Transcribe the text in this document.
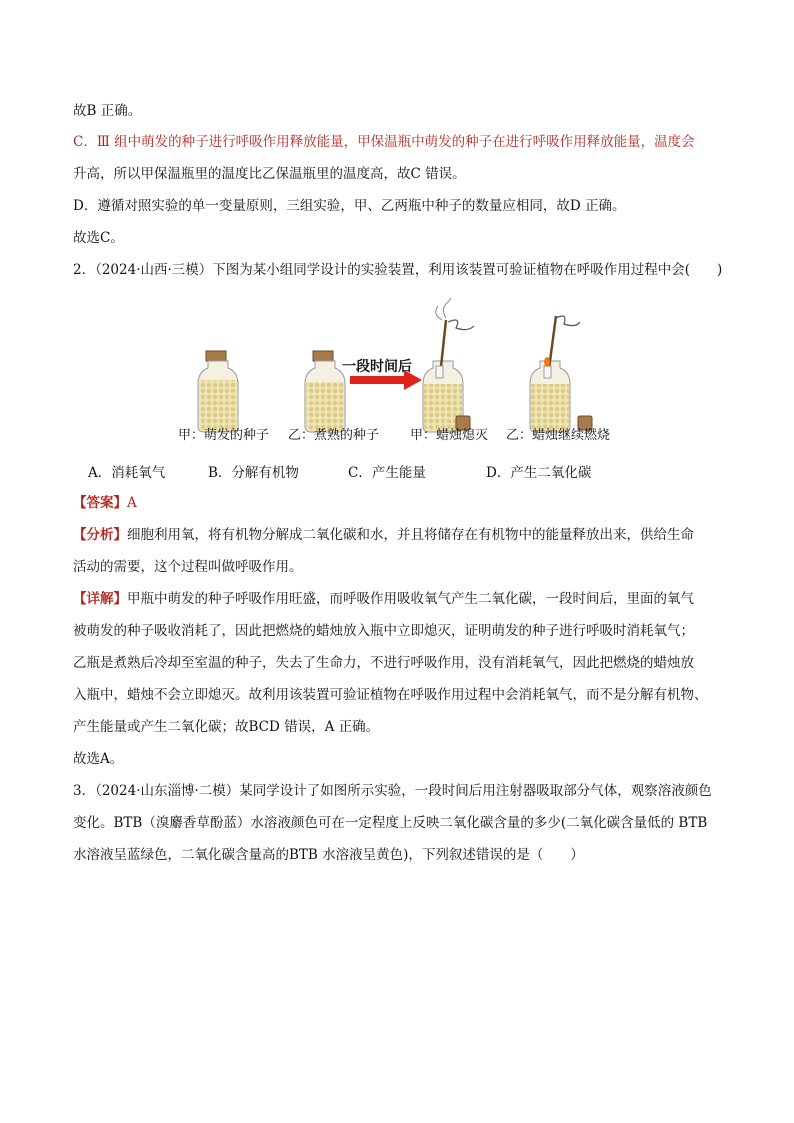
故B 正确。
C．Ⅲ 组中萌发的种子进行呼吸作用释放能量，甲保温瓶中萌发的种子在进行呼吸作用释放能量，温度会
升高，所以甲保温瓶里的温度比乙保温瓶里的温度高，故C 错误。
D．遵循对照实验的单一变量原则，三组实验，甲、乙两瓶中种子的数量应相同，故D 正确。
故选C。
2．（2024·山西·三模）下图为某小组同学设计的实验装置，利用该装置可验证植物在呼吸作用过程中会(　　)
一段时间后
甲：萌发的种子 乙：煮熟的种子 甲：蜡烛熄灭 乙：蜡烛继续燃烧
A．消耗氧气	B．分解有机物	C．产生能量	D．产生二氧化碳
【答案】A
【分析】细胞利用氧，将有机物分解成二氧化碳和水，并且将储存在有机物中的能量释放出来，供给生命
活动的需要，这个过程叫做呼吸作用。
【详解】甲瓶中萌发的种子呼吸作用旺盛，而呼吸作用吸收氧气产生二氧化碳，一段时间后，里面的氧气
被萌发的种子吸收消耗了，因此把燃烧的蜡烛放入瓶中立即熄灭，证明萌发的种子进行呼吸时消耗氧气；
乙瓶是煮熟后冷却至室温的种子，失去了生命力，不进行呼吸作用，没有消耗氧气，因此把燃烧的蜡烛放
入瓶中，蜡烛不会立即熄灭。故利用该装置可验证植物在呼吸作用过程中会消耗氧气，而不是分解有机物、
产生能量或产生二氧化碳；故BCD 错误，A 正确。
故选A。
3．（2024·山东淄博·二模）某同学设计了如图所示实验，一段时间后用注射器吸取部分气体，观察溶液颜色
变化。BTB（溴麝香草酚蓝）水溶液颜色可在一定程度上反映二氧化碳含量的多少(二氧化碳含量低的 BTB
水溶液呈蓝绿色，二氧化碳含量高的BTB 水溶液呈黄色)，下列叙述错误的是（　　）
